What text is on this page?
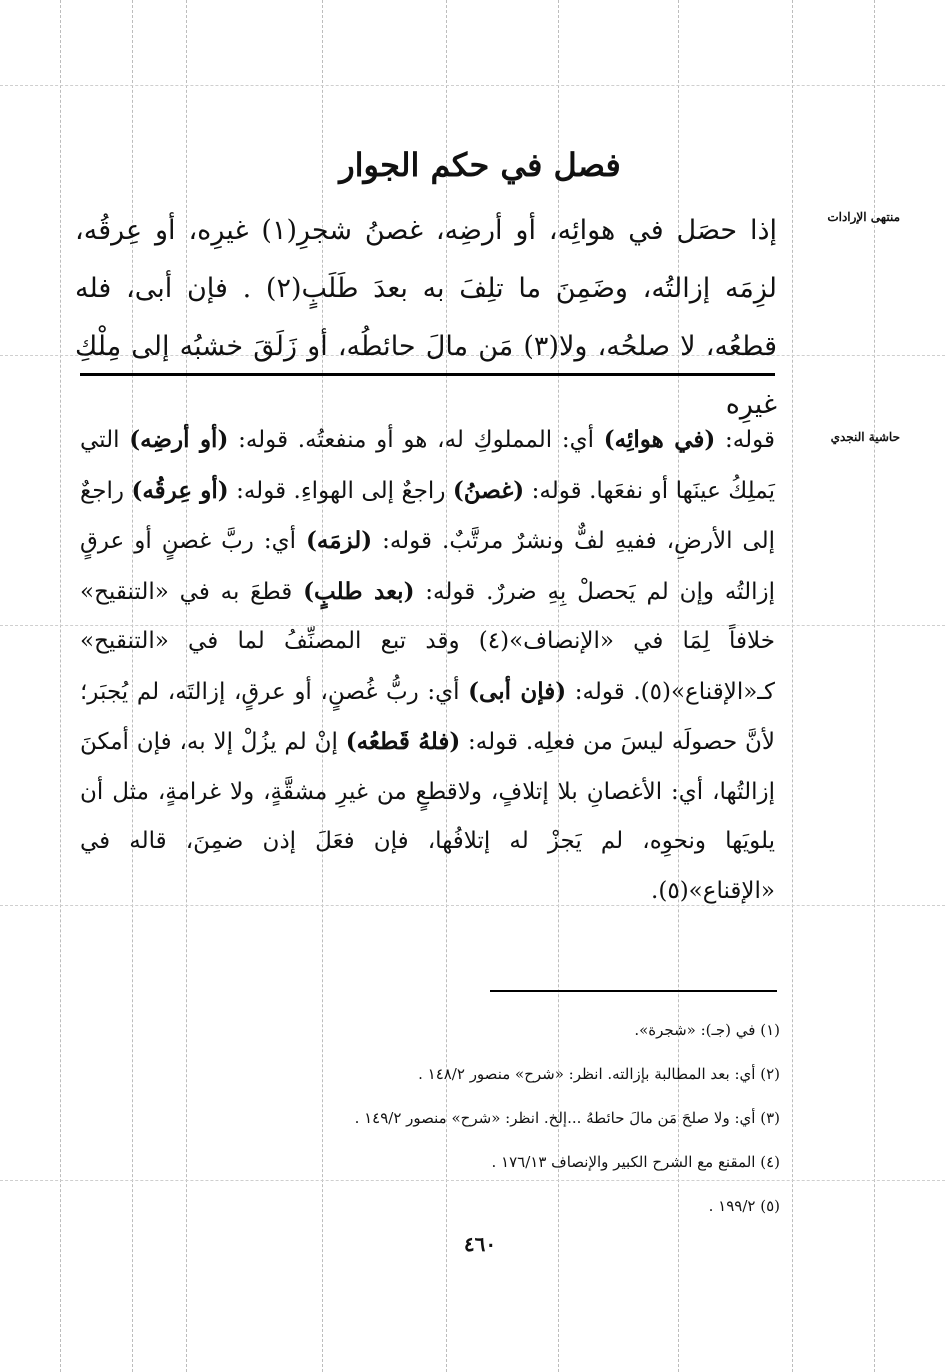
فصل في حكم الجوار
منتهى الإرادات

إذا حصَل في هوائِه، أو أرضِه، غصنُ شجرِ(١) غيرِه، أو عِرقُه، لزِمَه إزالتُه، وضَمِنَ ما تلِفَ به بعدَ طَلَبٍ(٢) . فإن أبى، فله قطعُه، لا صلحُه، ولا(٣) مَن مالَ حائطُه، أو زَلَقَ خشبُه إلى مِلْكِ غيرِه

حاشية النجدي

قوله: (في هوائِه) أي: المملوكِ له، هو أو منفعتُه. قوله: (أو أرضِه) التي يَملِكُ عينَها أو نفعَها. قوله: (غصنُ) راجعٌ إلى الهواءِ. قوله: (أو عِرقُه) راجعٌ إلى الأرضِ، ففيهِ لفٌّ ونشرٌ مرتَّبٌ. قوله: (لزمَه) أي: ربَّ غصنٍ أو عرقٍ إزالتُه وإن لم يَحصلْ بِهِ ضررٌ. قوله: (بعد طلبٍ) قطعَ به في «التنقيح» خلافاً لِمَا في «الإنصاف»(٤) وقد تبع المصنِّفُ لما في «التنقيح» كـ«الإقناع»(٥). قوله: (فإن أبى) أي: ربُّ غُصنٍ، أو عرقٍ، إزالتَه، لم يُجبَر؛ لأنَّ حصولَه ليسَ من فعلِه. قوله: (فلهُ قَطعُه) إنْ لم يزُلْ إلا به، فإن أمكنَ إزالتُها، أي: الأغصانِ بلا إتلافٍ، ولاقطعٍ من غيرِ مشقَّةٍ، ولا غرامةٍ، مثل أن يلويَها ونحوِه، لم يَجزْ له إتلافُها، فإن فعَلَ إذن ضمِنَ، قاله في «الإقناع»(٥).

(١) في (جـ): «شجرة».
(٢) أي: بعد المطالبة بإزالته. انظر: «شرح» منصور ١٤٨/٢ .
(٣) أي: ولا صلحَ مَن مالَ حائطهُ ...إلخ. انظر: «شرح» منصور ١٤٩/٢ .
(٤) المقنع مع الشرح الكبير والإنصاف ١٧٦/١٣ .
(٥) ١٩٩/٢ .
٤٦٠
